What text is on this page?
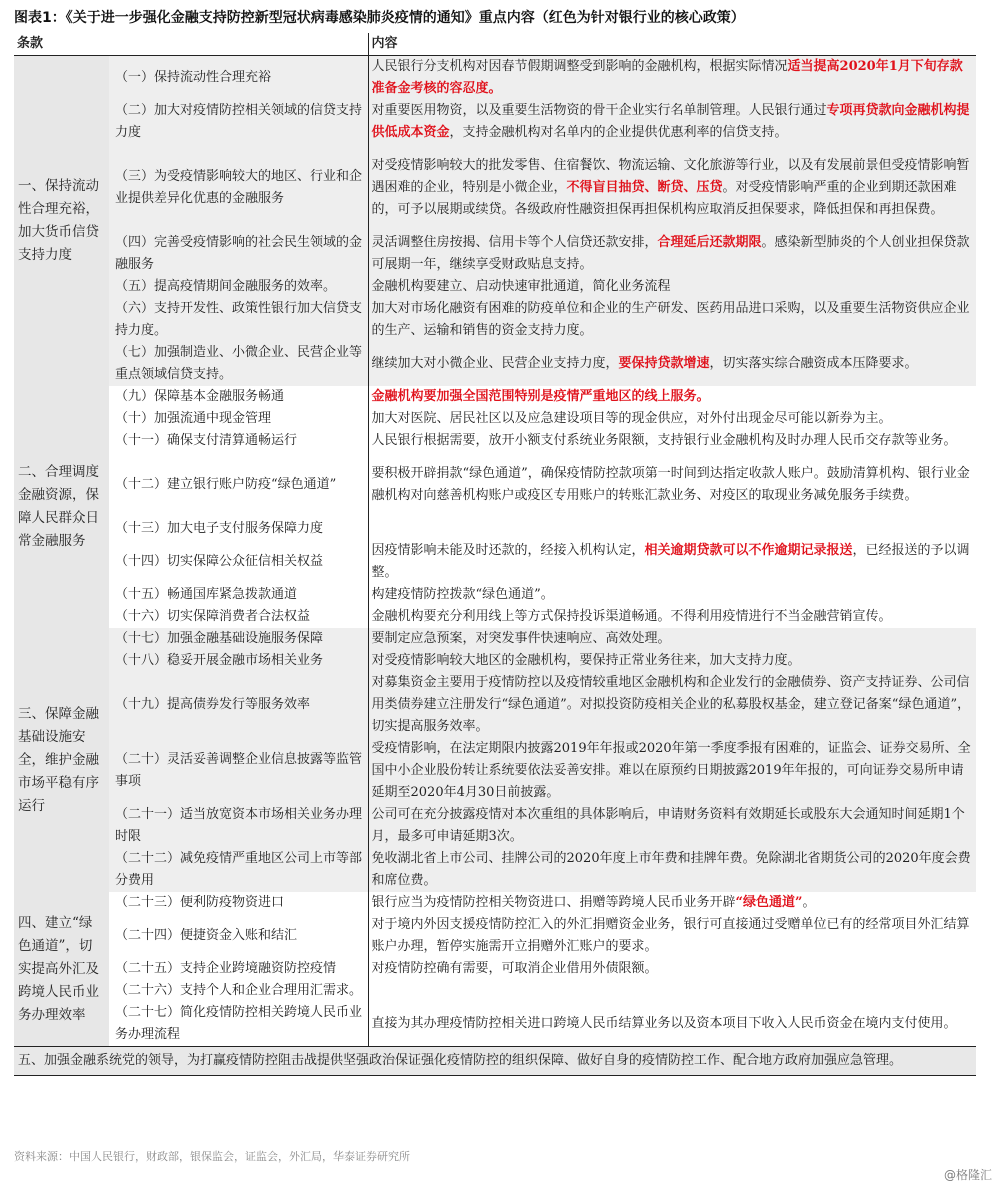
图表1：《关于进一步强化金融支持防控新型冠状病毒感染肺炎疫情的通知》重点内容（红色为针对银行业的核心政策）
条款		内容
一、保持流动性合理充裕，加大货币信贷支持力度	（一）保持流动性合理充裕	人民银行分支机构对因春节假期调整受到影响的金融机构，根据实际情况适当提高2020年1月下旬存款准备金考核的容忍度。
	（二）加大对疫情防控相关领域的信贷支持力度	对重要医用物资，以及重要生活物资的骨干企业实行名单制管理。人民银行通过专项再贷款向金融机构提供低成本资金，支持金融机构对名单内的企业提供优惠利率的信贷支持。
	（三）为受疫情影响较大的地区、行业和企业提供差异化优惠的金融服务	对受疫情影响较大的批发零售、住宿餐饮、物流运输、文化旅游等行业，以及有发展前景但受疫情影响暂遇困难的企业，特别是小微企业，不得盲目抽贷、断贷、压贷。对受疫情影响严重的企业到期还款困难的，可予以展期或续贷。各级政府性融资担保再担保机构应取消反担保要求，降低担保和再担保费。
	（四）完善受疫情影响的社会民生领域的金融服务	灵活调整住房按揭、信用卡等个人信贷还款安排，合理延后还款期限。感染新型肺炎的个人创业担保贷款可展期一年，继续享受财政贴息支持。
	（五）提高疫情期间金融服务的效率。	金融机构要建立、启动快速审批通道，简化业务流程
	（六）支持开发性、政策性银行加大信贷支持力度。	加大对市场化融资有困难的防疫单位和企业的生产研发、医药用品进口采购，以及重要生活物资供应企业的生产、运输和销售的资金支持力度。
	（七）加强制造业、小微企业、民营企业等重点领域信贷支持。	继续加大对小微企业、民营企业支持力度，要保持贷款增速，切实落实综合融资成本压降要求。
二、合理调度金融资源，保障人民群众日常金融服务	（九）保障基本金融服务畅通	金融机构要加强全国范围特别是疫情严重地区的线上服务。
	（十）加强流通中现金管理	加大对医院、居民社区以及应急建设项目等的现金供应，对外付出现金尽可能以新券为主。
	（十一）确保支付清算通畅运行	人民银行根据需要，放开小额支付系统业务限额，支持银行业金融机构及时办理人民币交存款等业务。
	（十二）建立银行账户防疫“绿色通道”	要积极开辟捐款“绿色通道”，确保疫情防控款项第一时间到达指定收款人账户。鼓励清算机构、银行业金融机构对向慈善机构账户或疫区专用账户的转账汇款业务、对疫区的取现业务减免服务手续费。
	（十三）加大电子支付服务保障力度	
	（十四）切实保障公众征信相关权益	因疫情影响未能及时还款的，经接入机构认定，相关逾期贷款可以不作逾期记录报送，已经报送的予以调整。
	（十五）畅通国库紧急拨款通道	构建疫情防控拨款“绿色通道”。
	（十六）切实保障消费者合法权益	金融机构要充分利用线上等方式保持投诉渠道畅通。不得利用疫情进行不当金融营销宣传。
三、保障金融基础设施安全，维护金融市场平稳有序运行	（十七）加强金融基础设施服务保障	要制定应急预案，对突发事件快速响应、高效处理。
	（十八）稳妥开展金融市场相关业务	对受疫情影响较大地区的金融机构，要保持正常业务往来，加大支持力度。
	（十九）提高债券发行等服务效率	对募集资金主要用于疫情防控以及疫情较重地区金融机构和企业发行的金融债券、资产支持证券、公司信用类债券建立注册发行“绿色通道”。对拟投资防疫相关企业的私募股权基金，建立登记备案“绿色通道”，切实提高服务效率。
	（二十）灵活妥善调整企业信息披露等监管事项	受疫情影响，在法定期限内披露2019年年报或2020年第一季度季报有困难的，证监会、证券交易所、全国中小企业股份转让系统要依法妥善安排。难以在原预约日期披露2019年年报的，可向证券交易所申请延期至2020年4月30日前披露。
	（二十一）适当放宽资本市场相关业务办理时限	公司可在充分披露疫情对本次重组的具体影响后，申请财务资料有效期延长或股东大会通知时间延期1个月，最多可申请延期3次。
	（二十二）减免疫情严重地区公司上市等部分费用	免收湖北省上市公司、挂牌公司的2020年度上市年费和挂牌年费。免除湖北省期货公司的2020年度会费和席位费。
四、建立“绿色通道”，切实提高外汇及跨境人民币业务办理效率	（二十三）便利防疫物资进口	银行应当为疫情防控相关物资进口、捐赠等跨境人民币业务开辟“绿色通道”。
	（二十四）便捷资金入账和结汇	对于境内外因支援疫情防控汇入的外汇捐赠资金业务，银行可直接通过受赠单位已有的经常项目外汇结算账户办理，暂停实施需开立捐赠外汇账户的要求。
	（二十五）支持企业跨境融资防控疫情	对疫情防控确有需要，可取消企业借用外债限额。
	（二十六）支持个人和企业合理用汇需求。	
	（二十七）简化疫情防控相关跨境人民币业务办理流程	直接为其办理疫情防控相关进口跨境人民币结算业务以及资本项目下收入人民币资金在境内支付使用。
五、加强金融系统党的领导，为打赢疫情防控阻击战提供坚强政治保证强化疫情防控的组织保障、做好自身的疫情防控工作、配合地方政府加强应急管理。		
资料来源：中国人民银行，财政部，银保监会，证监会，外汇局，华泰证券研究所
@格隆汇
